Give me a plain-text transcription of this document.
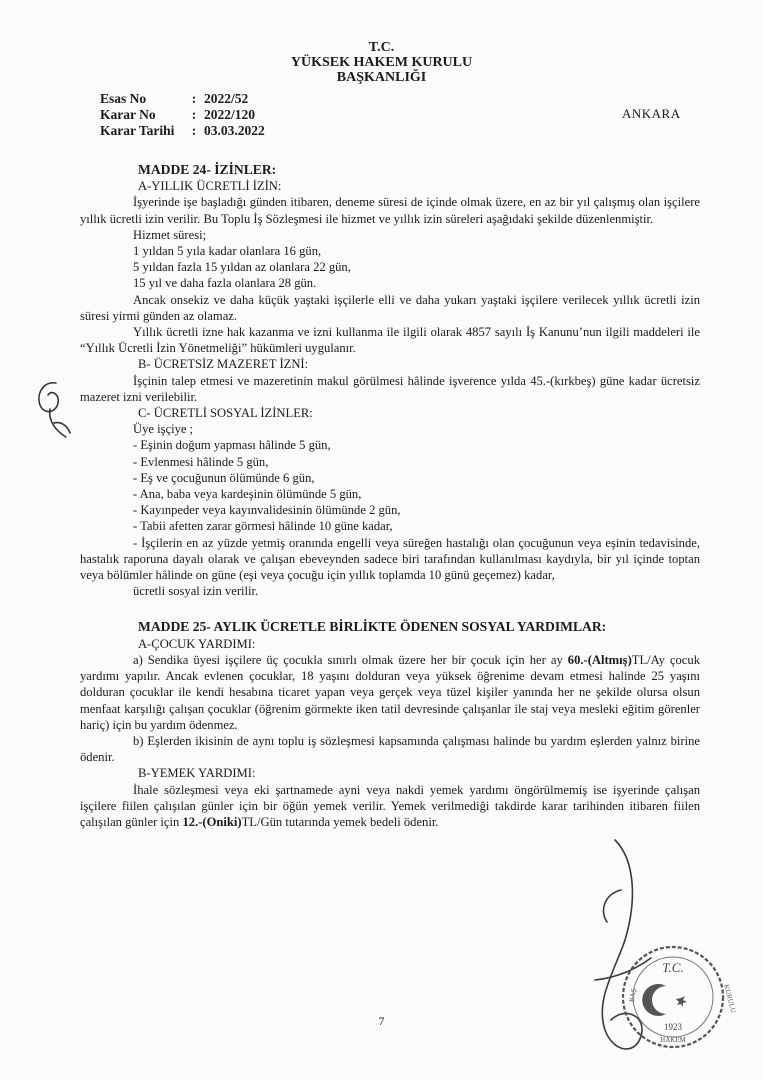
T.C.
YÜKSEK HAKEM KURULU
BAŞKANLIĞI
Esas No	: 2022/52
Karar No	: 2022/120
Karar Tarihi	: 03.03.2022
ANKARA
MADDE 24- İZİNLER:
A-YILLIK ÜCRETLİ İZİN:
İşyerinde işe başladığı günden itibaren, deneme süresi de içinde olmak üzere, en az bir yıl çalışmış olan işçilere yıllık ücretli izin verilir. Bu Toplu İş Sözleşmesi ile hizmet ve yıllık izin süreleri aşağıdaki şekilde düzenlenmiştir.
Hizmet süresi;
1 yıldan 5 yıla kadar olanlara 16 gün,
5 yıldan fazla 15 yıldan az olanlara 22 gün,
15 yıl ve daha fazla olanlara 28 gün.
Ancak onsekiz ve daha küçük yaştaki işçilerle elli ve daha yukarı yaştaki işçilere verilecek yıllık ücretli izin süresi yirmi günden az olamaz.
Yıllık ücretli izne hak kazanma ve izni kullanma ile ilgili olarak 4857 sayılı İş Kanunu’nun ilgili maddeleri ile “Yıllık Ücretli İzin Yönetmeliği” hükümleri uygulanır.
B- ÜCRETSİZ MAZERET İZNİ:
İşçinin talep etmesi ve mazeretinin makul görülmesi hâlinde işverence yılda 45.-(kırkbeş) güne kadar ücretsiz mazeret izni verilebilir.
C- ÜCRETLİ SOSYAL İZİNLER:
Üye işçiye ;
- Eşinin doğum yapması hâlinde 5 gün,
- Evlenmesi hâlinde 5 gün,
- Eş ve çocuğunun ölümünde 6 gün,
- Ana, baba veya kardeşinin ölümünde 5 gün,
- Kayınpeder veya kayınvalidesinin ölümünde 2 gün,
- Tabii afetten zarar görmesi hâlinde 10 güne kadar,
- İşçilerin en az yüzde yetmiş oranında engelli veya süreğen hastalığı olan çocuğunun veya eşinin tedavisinde, hastalık raporuna dayalı olarak ve çalışan ebeveynden sadece biri tarafından kullanılması kaydıyla, bir yıl içinde toptan veya bölümler hâlinde on güne (eşi veya çocuğu için yıllık toplamda 10 günü geçemez) kadar,
ücretli sosyal izin verilir.
MADDE 25- AYLIK ÜCRETLE BİRLİKTE ÖDENEN SOSYAL YARDIMLAR:
A-ÇOCUK YARDIMI:
a) Sendika üyesi işçilere üç çocukla sınırlı olmak üzere her bir çocuk için her ay 60.-(Altmış)TL/Ay çocuk yardımı yapılır. Ancak evlenen çocuklar, 18 yaşını dolduran veya yüksek öğrenime devam etmesi halinde 25 yaşını dolduran çocuklar ile kendi hesabına ticaret yapan veya gerçek veya tüzel kişiler yanında her ne şekilde olursa olsun menfaat karşılığı çalışan çocuklar (öğrenim görmekte iken tatil devresinde çalışanlar ile staj veya mesleki eğitim görenler hariç) için bu yardım ödenmez.
b) Eşlerden ikisinin de aynı toplu iş sözleşmesi kapsamında çalışması halinde bu yardım eşlerden yalnız birine ödenir.
B-YEMEK YARDIMI:
İhale sözleşmesi veya eki şartnamede ayni veya nakdi yemek yardımı öngörülmemiş ise işyerinde çalışan işçilere fiilen çalışılan günler için bir öğün yemek verilir. Yemek verilmediği takdirde karar tarihinden itibaren fiilen çalışılan günler için 12.-(Oniki)TL/Gün tutarında yemek bedeli ödenir.
T.C.
1923
BAŞ	KURULU
HAKEM
7
